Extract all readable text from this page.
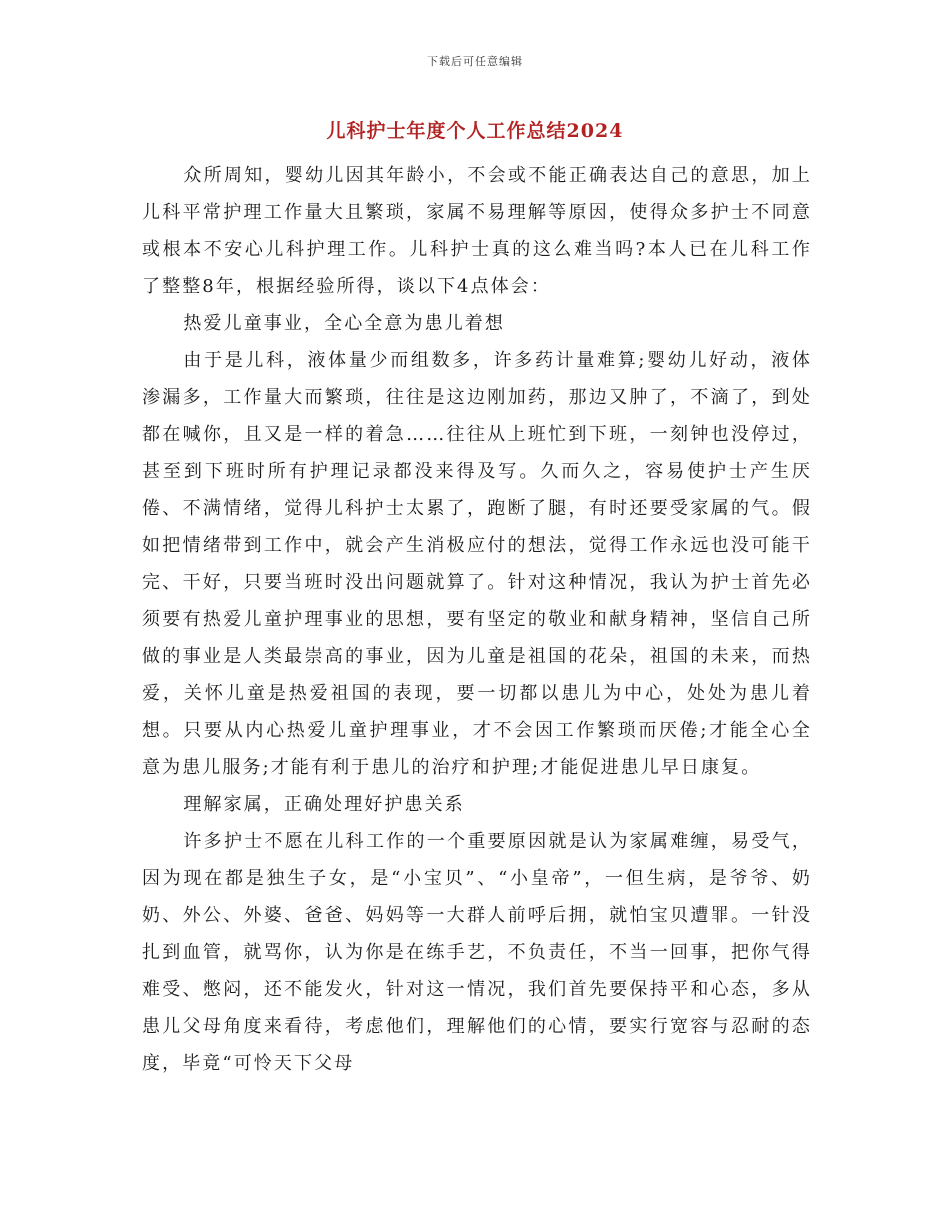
下载后可任意编辑
儿科护士年度个人工作总结2024

众所周知，婴幼儿因其年龄小，不会或不能正确表达自己的意思，加上儿科平常护理工作量大且繁琐，家属不易理解等原因，使得众多护士不同意或根本不安心儿科护理工作。儿科护士真的这么难当吗?本人已在儿科工作了整整8年，根据经验所得，谈以下4点体会：

热爱儿童事业，全心全意为患儿着想

由于是儿科，液体量少而组数多，许多药计量难算;婴幼儿好动，液体渗漏多，工作量大而繁琐，往往是这边刚加药，那边又肿了，不滴了，到处都在喊你，且又是一样的着急……往往从上班忙到下班，一刻钟也没停过，甚至到下班时所有护理记录都没来得及写。久而久之，容易使护士产生厌倦、不满情绪，觉得儿科护士太累了，跑断了腿，有时还要受家属的气。假如把情绪带到工作中，就会产生消极应付的想法，觉得工作永远也没可能干完、干好，只要当班时没出问题就算了。针对这种情况，我认为护士首先必须要有热爱儿童护理事业的思想，要有坚定的敬业和献身精神，坚信自己所做的事业是人类最崇高的事业，因为儿童是祖国的花朵，祖国的未来，而热爱，关怀儿童是热爱祖国的表现，要一切都以患儿为中心，处处为患儿着想。只要从内心热爱儿童护理事业，才不会因工作繁琐而厌倦;才能全心全意为患儿服务;才能有利于患儿的治疗和护理;才能促进患儿早日康复。

理解家属，正确处理好护患关系

许多护士不愿在儿科工作的一个重要原因就是认为家属难缠，易受气，因为现在都是独生子女，是“小宝贝”、“小皇帝”，一但生病，是爷爷、奶奶、外公、外婆、爸爸、妈妈等一大群人前呼后拥，就怕宝贝遭罪。一针没扎到血管，就骂你，认为你是在练手艺，不负责任，不当一回事，把你气得难受、憋闷，还不能发火，针对这一情况，我们首先要保持平和心态，多从患儿父母角度来看待，考虑他们，理解他们的心情，要实行宽容与忍耐的态度，毕竟“可怜天下父母
